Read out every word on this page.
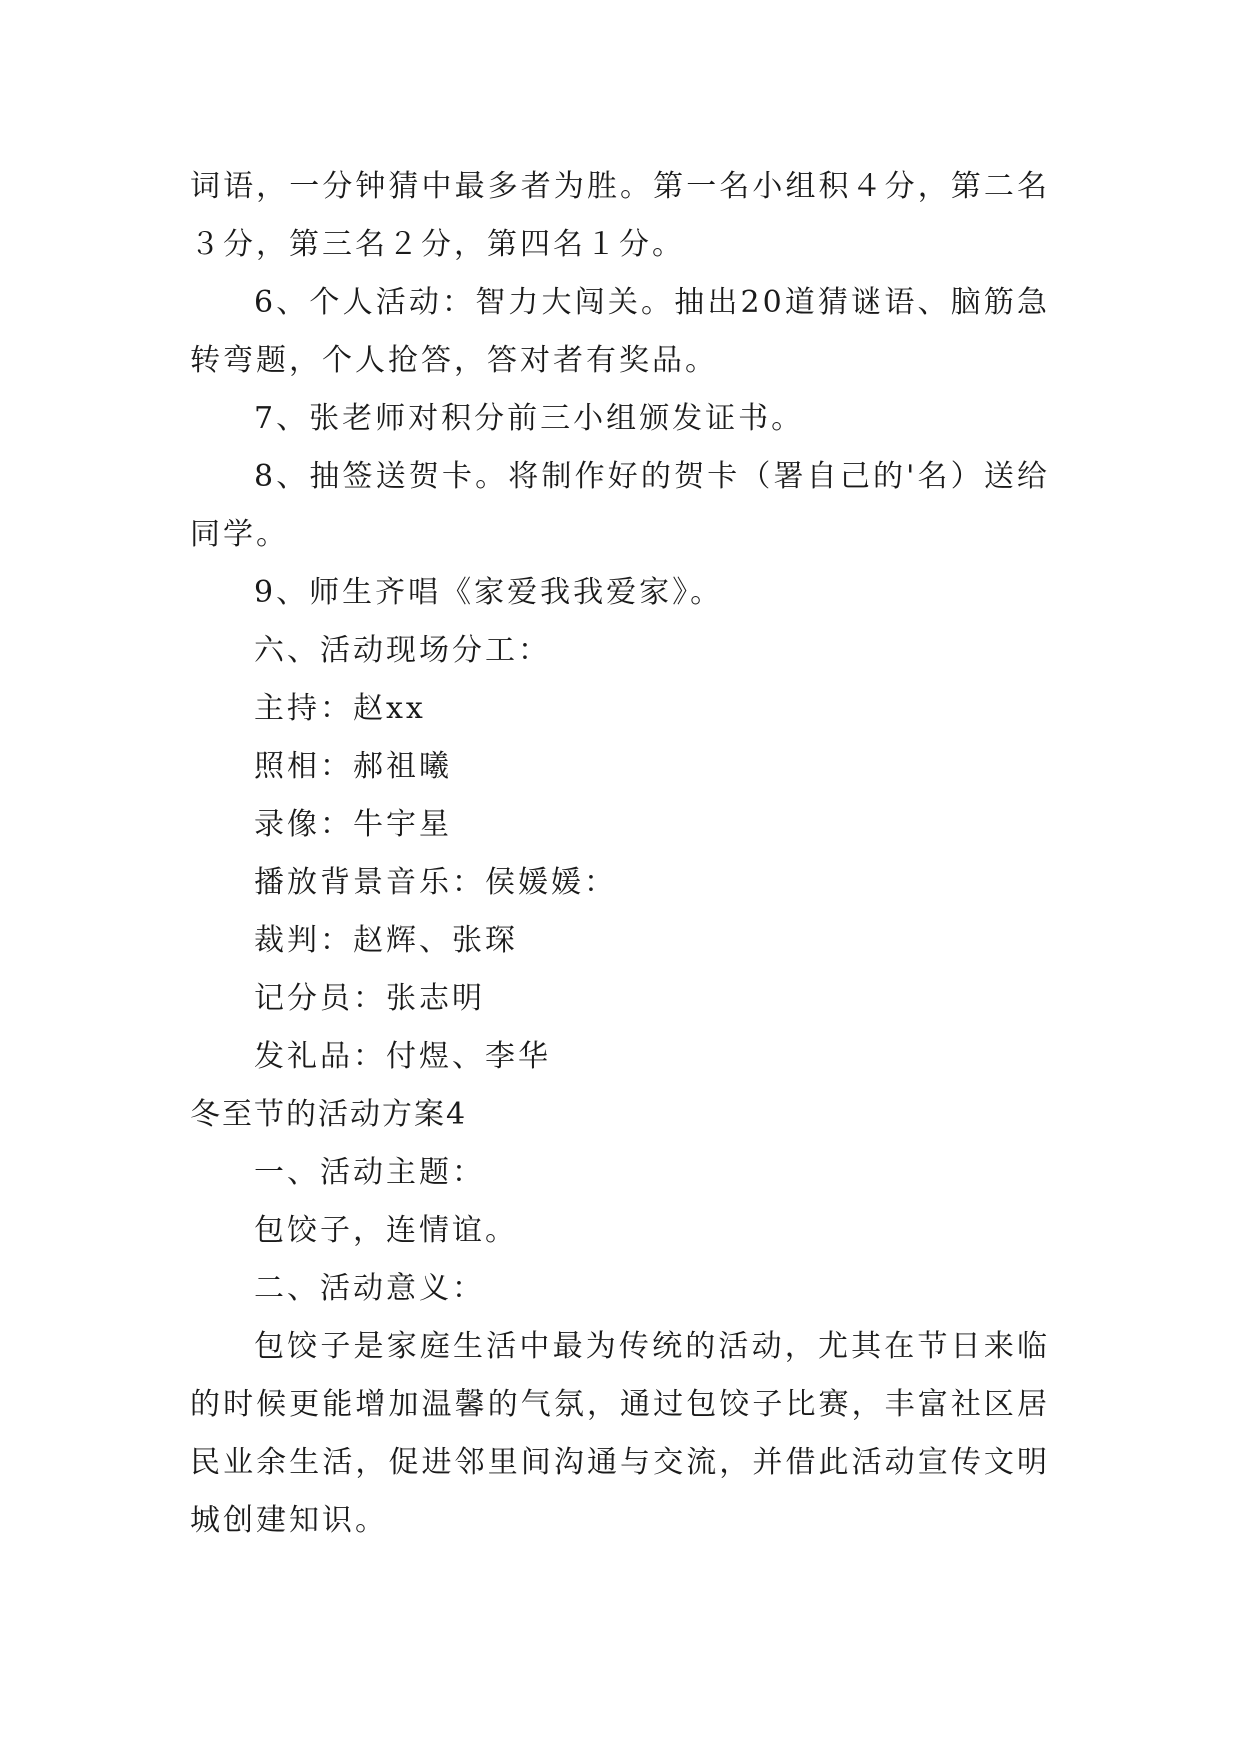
词语，一分钟猜中最多者为胜。第一名小组积４分，第二名３分，第三名２分，第四名１分。

6、个人活动：智力大闯关。抽出20道猜谜语、脑筋急转弯题，个人抢答，答对者有奖品。

7、张老师对积分前三小组颁发证书。

8、抽签送贺卡。将制作好的贺卡（署自己的'名）送给同学。

9、师生齐唱《家爱我我爱家》。

六、活动现场分工：

主持：赵xx

照相：郝祖曦

录像：牛宇星

播放背景音乐：侯媛媛：

裁判：赵辉、张琛

记分员：张志明

发礼品：付煜、李华

冬至节的活动方案4

一、活动主题：

包饺子，连情谊。

二、活动意义：

包饺子是家庭生活中最为传统的活动，尤其在节日来临的时候更能增加温馨的气氛，通过包饺子比赛，丰富社区居民业余生活，促进邻里间沟通与交流，并借此活动宣传文明城创建知识。
